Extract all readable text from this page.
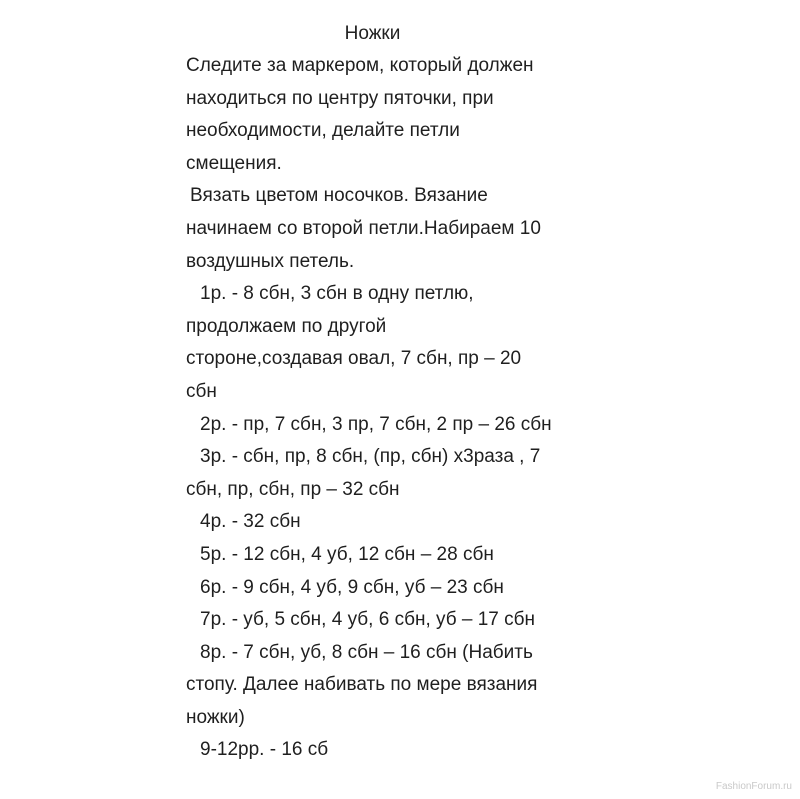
Ножки
Следите за маркером, который должен
находиться по центру пяточки, при
необходимости, делайте петли
смещения.
Вязать цветом носочков. Вязание
начинаем со второй петли.Набираем 10
воздушных петель.
1р. - 8 сбн, 3 сбн в одну петлю,
продолжаем по другой
стороне,создавая овал, 7 сбн, пр – 20
сбн
2р. - пр, 7 сбн, 3 пр, 7 сбн, 2 пр – 26 сбн
3р. - сбн, пр, 8 сбн, (пр, сбн) x3раза , 7
сбн, пр, сбн, пр – 32 сбн
4р. - 32 сбн
5р. - 12 сбн, 4 уб, 12 сбн – 28 сбн
6р. - 9 сбн, 4 уб, 9 сбн, уб – 23 сбн
7р. - уб, 5 сбн, 4 уб, 6 сбн, уб – 17 сбн
8р. - 7 сбн, уб, 8 сбн – 16 сбн (Набить
стопу. Далее набивать по мере вязания
ножки)
9-12рр. - 16 сб
FashionForum.ru
